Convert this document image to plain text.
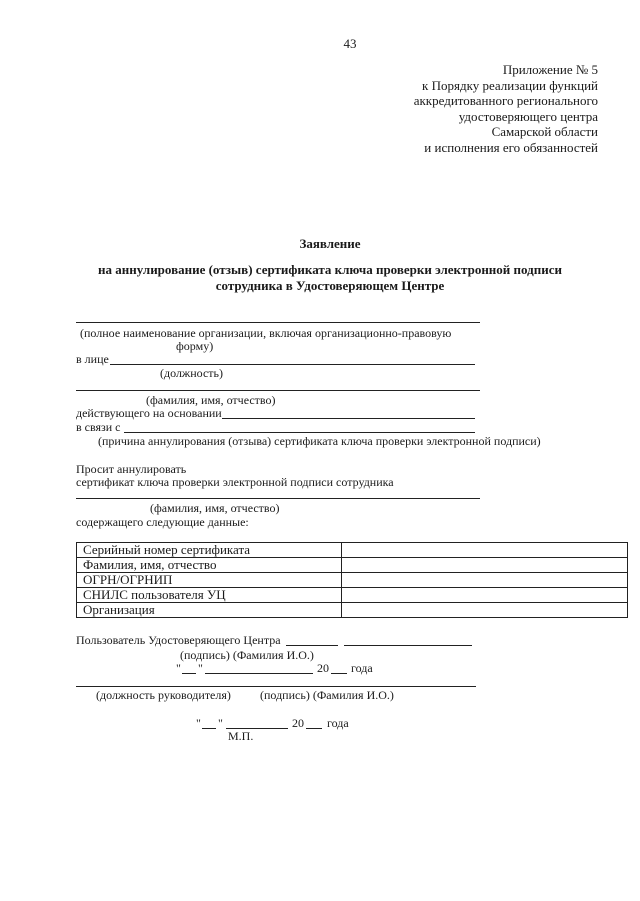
43
Приложение № 5
к Порядку реализации функций
аккредитованного регионального
удостоверяющего центра
Самарской области
и исполнения его обязанностей
Заявление
на аннулирование (отзыв) сертификата ключа проверки электронной подписи
сотрудника в Удостоверяющем Центре
(полное наименование организации, включая организационно-правовую
форму)
в лице
(должность)
(фамилия, имя, отчество)
действующего на основании
в связи с
(причина аннулирования (отзыва) сертификата ключа проверки электронной подписи)
Просит аннулировать
сертификат ключа проверки электронной подписи сотрудника
(фамилия, имя, отчество)
содержащего следующие данные:
Серийный номер сертификата	
Фамилия, имя, отчество	
ОГРН/ОГРНИП	
СНИЛС пользователя УЦ	
Организация	
Пользователь Удостоверяющего Центра
(подпись) (Фамилия И.О.)
" "	20 года
(должность руководителя) (подпись) (Фамилия И.О.)
" "	20 года
М.П.
